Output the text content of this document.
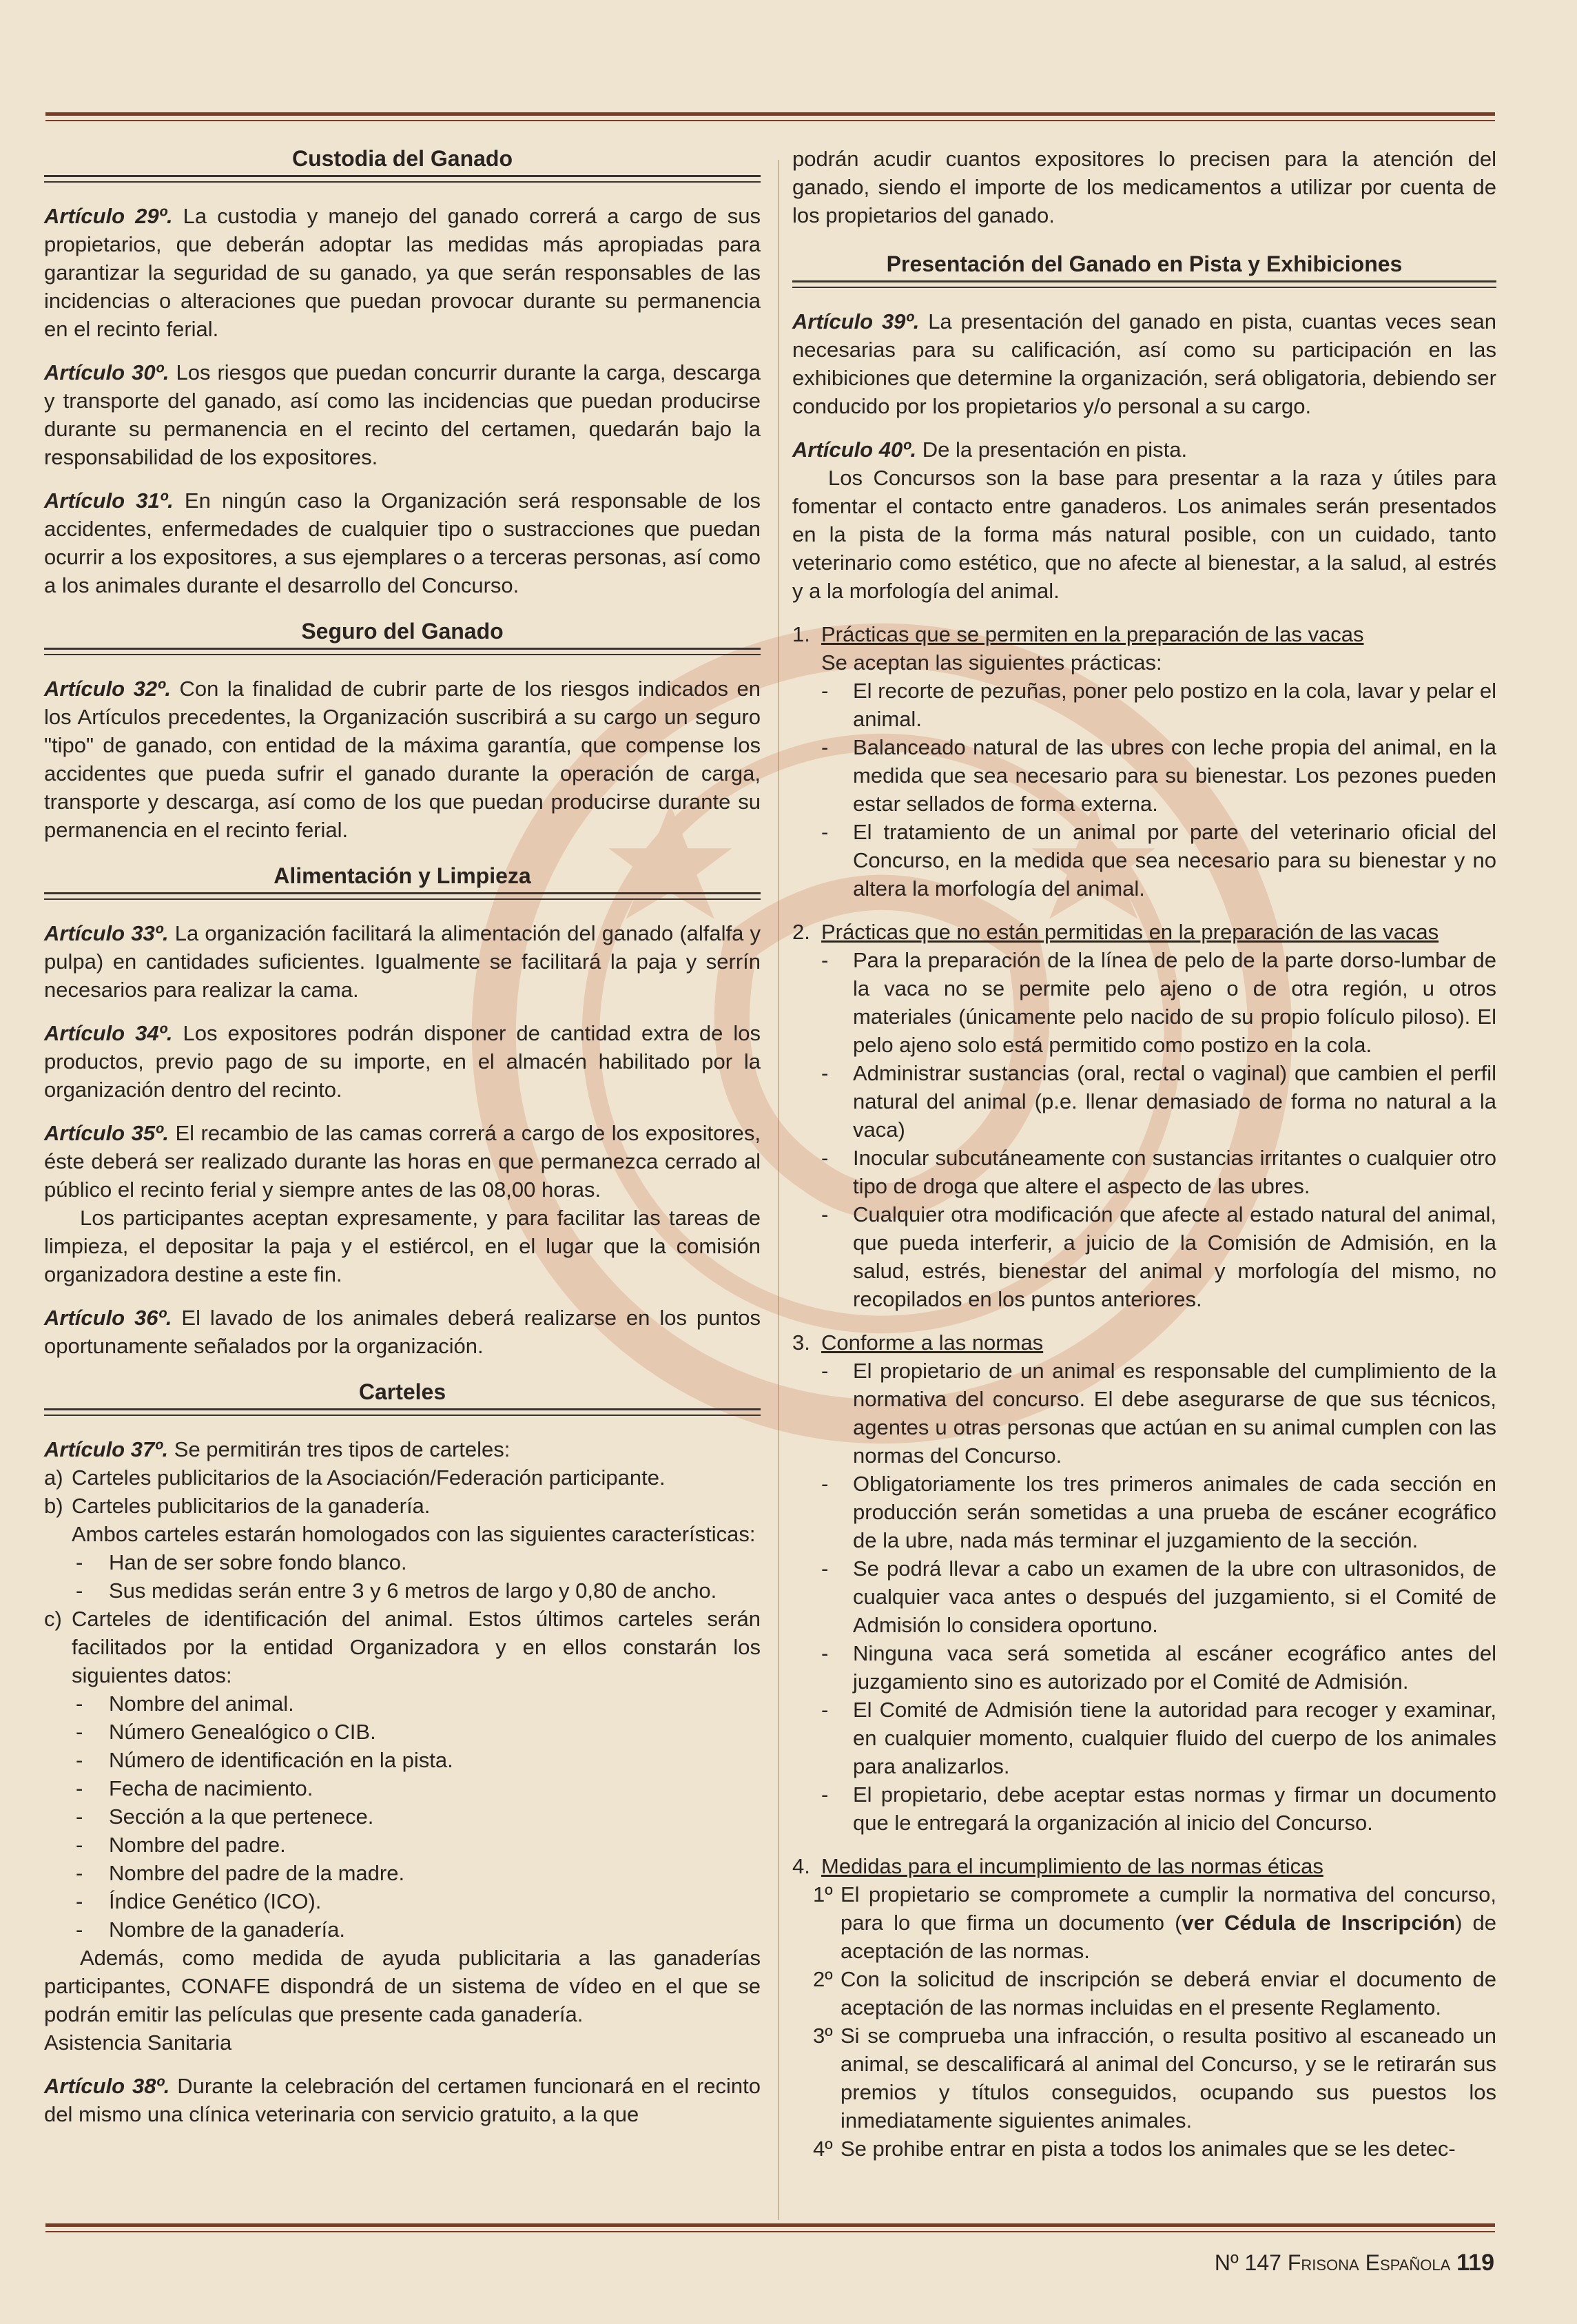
Custodia del Ganado

Artículo 29º. La custodia y manejo del ganado correrá a cargo de sus propietarios, que deberán adoptar las medidas más apropiadas para garantizar la seguridad de su ganado, ya que serán responsables de las incidencias o alteraciones que puedan provocar durante su permanencia en el recinto ferial.

Artículo 30º. Los riesgos que puedan concurrir durante la carga, descarga y transporte del ganado, así como las incidencias que puedan producirse durante su permanencia en el recinto del certamen, quedarán bajo la responsabilidad de los expositores.

Artículo 31º. En ningún caso la Organización será responsable de los accidentes, enfermedades de cualquier tipo o sustracciones que puedan ocurrir a los expositores, a sus ejemplares o a terceras personas, así como a los animales durante el desarrollo del Concurso.

Seguro del Ganado

Artículo 32º. Con la finalidad de cubrir parte de los riesgos indicados en los Artículos precedentes, la Organización suscribirá a su cargo un seguro "tipo" de ganado, con entidad de la máxima garantía, que compense los accidentes que pueda sufrir el ganado durante la operación de carga, transporte y descarga, así como de los que puedan producirse durante su permanencia en el recinto ferial.

Alimentación y Limpieza

Artículo 33º. La organización facilitará la alimentación del ganado (alfalfa y pulpa) en cantidades suficientes. Igualmente se facilitará la paja y serrín necesarios para realizar la cama.

Artículo 34º. Los expositores podrán disponer de cantidad extra de los productos, previo pago de su importe, en el almacén habilitado por la organización dentro del recinto.

Artículo 35º. El recambio de las camas correrá a cargo de los expositores, éste deberá ser realizado durante las horas en que permanezca cerrado al público el recinto ferial y siempre antes de las 08,00 horas.

Los participantes aceptan expresamente, y para facilitar las tareas de limpieza, el depositar la paja y el estiércol, en el lugar que la comisión organizadora destine a este fin.

Artículo 36º. El lavado de los animales deberá realizarse en los puntos oportunamente señalados por la organización.

Carteles

Artículo 37º. Se permitirán tres tipos de carteles:

a) Carteles publicitarios de la Asociación/Federación participante.
b) Carteles publicitarios de la ganadería.

Ambos carteles estarán homologados con las siguientes características:

-	Han de ser sobre fondo blanco.
-	Sus medidas serán entre 3 y 6 metros de largo y 0,80 de ancho.
c) Carteles de identificación del animal. Estos últimos carteles serán facilitados por la entidad Organizadora y en ellos constarán los siguientes datos:
-	Nombre del animal.
-	Número Genealógico o CIB.
-	Número de identificación en la pista.
-	Fecha de nacimiento.
-	Sección a la que pertenece.
-	Nombre del padre.
-	Nombre del padre de la madre.
-	Índice Genético (ICO).
-	Nombre de la ganadería.

Además, como medida de ayuda publicitaria a las ganaderías participantes, CONAFE dispondrá de un sistema de vídeo en el que se podrán emitir las películas que presente cada ganadería.

Asistencia Sanitaria

Artículo 38º. Durante la celebración del certamen funcionará en el recinto del mismo una clínica veterinaria con servicio gratuito, a la que

podrán acudir cuantos expositores lo precisen para la atención del ganado, siendo el importe de los medicamentos a utilizar por cuenta de los propietarios del ganado.

Presentación del Ganado en Pista y Exhibiciones

Artículo 39º. La presentación del ganado en pista, cuantas veces sean necesarias para su calificación, así como su participación en las exhibiciones que determine la organización, será obligatoria, debiendo ser conducido por los propietarios y/o personal a su cargo.

Artículo 40º. De la presentación en pista.

Los Concursos son la base para presentar a la raza y útiles para fomentar el contacto entre ganaderos. Los animales serán presentados en la pista de la forma más natural posible, con un cuidado, tanto veterinario como estético, que no afecte al bienestar, a la salud, al estrés y a la morfología del animal.

1. Prácticas que se permiten en la preparación de las vacas
Se aceptan las siguientes prácticas:
-	El recorte de pezuñas, poner pelo postizo en la cola, lavar y pelar el animal.
-	Balanceado natural de las ubres con leche propia del animal, en la medida que sea necesario para su bienestar. Los pezones pueden estar sellados de forma externa.
-	El tratamiento de un animal por parte del veterinario oficial del Concurso, en la medida que sea necesario para su bienestar y no altera la morfología del animal.
2. Prácticas que no están permitidas en la preparación de las vacas
-	Para la preparación de la línea de pelo de la parte dorso-lumbar de la vaca no se permite pelo ajeno o de otra región, u otros materiales (únicamente pelo nacido de su propio folículo piloso). El pelo ajeno solo está permitido como postizo en la cola.
-	Administrar sustancias (oral, rectal o vaginal) que cambien el perfil natural del animal (p.e. llenar demasiado de forma no natural a la vaca)
-	Inocular subcutáneamente con sustancias irritantes o cualquier otro tipo de droga que altere el aspecto de las ubres.
-	Cualquier otra modificación que afecte al estado natural del animal, que pueda interferir, a juicio de la Comisión de Admisión, en la salud, estrés, bienestar del animal y morfología del mismo, no recopilados en los puntos anteriores.
3. Conforme a las normas
-	El propietario de un animal es responsable del cumplimiento de la normativa del concurso. El debe asegurarse de que sus técnicos, agentes u otras personas que actúan en su animal cumplen con las normas del Concurso.
-	Obligatoriamente los tres primeros animales de cada sección en producción serán sometidas a una prueba de escáner ecográfico de la ubre, nada más terminar el juzgamiento de la sección.
-	Se podrá llevar a cabo un examen de la ubre con ultrasonidos, de cualquier vaca antes o después del juzgamiento, si el Comité de Admisión lo considera oportuno.
-	Ninguna vaca será sometida al escáner ecográfico antes del juzgamiento sino es autorizado por el Comité de Admisión.
-	El Comité de Admisión tiene la autoridad para recoger y examinar, en cualquier momento, cualquier fluido del cuerpo de los animales para analizarlos.
-	El propietario, debe aceptar estas normas y firmar un documento que le entregará la organización al inicio del Concurso.
4. Medidas para el incumplimiento de las normas éticas
1º El propietario se compromete a cumplir la normativa del concurso, para lo que firma un documento (ver Cédula de Inscripción) de aceptación de las normas.
2º Con la solicitud de inscripción se deberá enviar el documento de aceptación de las normas incluidas en el presente Reglamento.
3º Si se comprueba una infracción, o resulta positivo al escaneado un animal, se descalificará al animal del Concurso, y se le retirarán sus premios y títulos conseguidos, ocupando sus puestos los inmediatamente siguientes animales.
4º Se prohibe entrar en pista a todos los animales que se les detec-
Nº 147 Frisona Española 119
